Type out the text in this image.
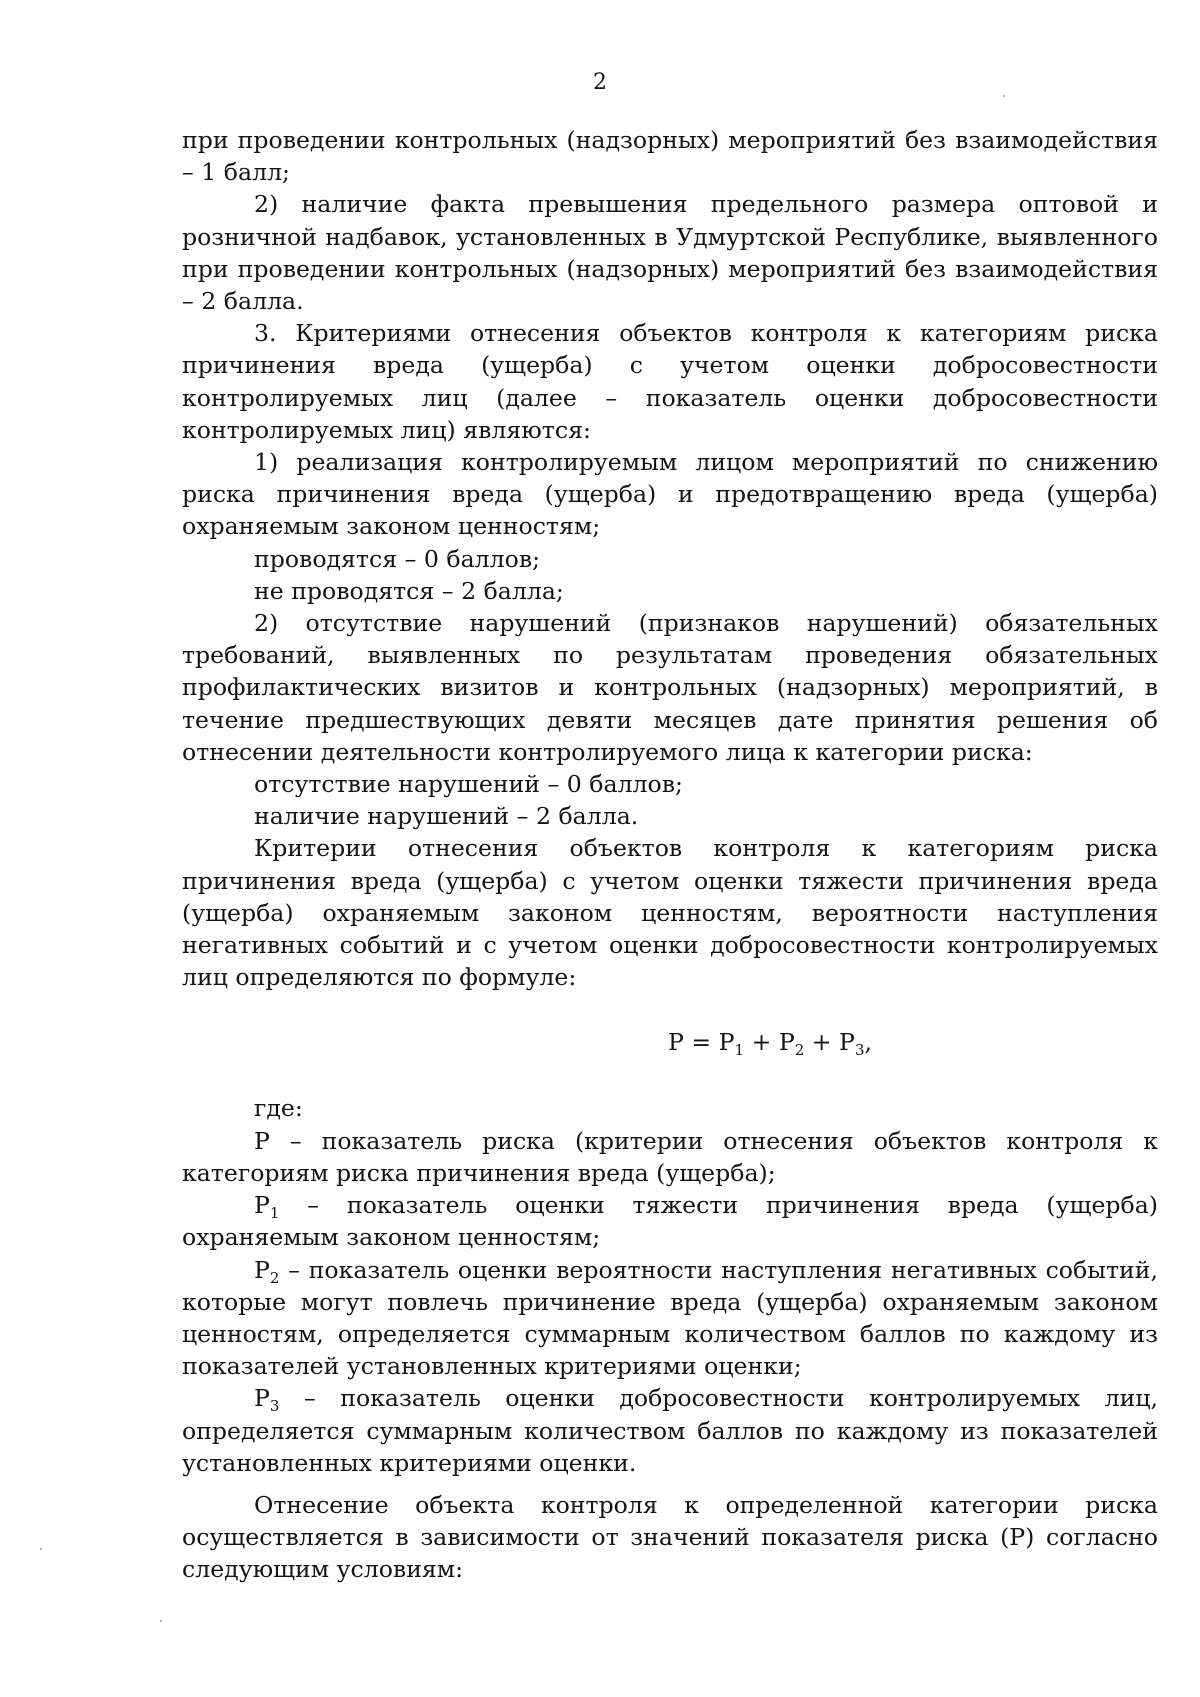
2

при проведении контрольных (надзорных) мероприятий без взаимодействия – 1 балл;

2) наличие факта превышения предельного размера оптовой и розничной надбавок, установленных в Удмуртской Республике, выявленного при проведении контрольных (надзорных) мероприятий без взаимодействия – 2 балла.

3. Критериями отнесения объектов контроля к категориям риска причинения вреда (ущерба) с учетом оценки добросовестности контролируемых лиц (далее – показатель оценки добросовестности контролируемых лиц) являются:

1) реализация контролируемым лицом мероприятий по снижению риска причинения вреда (ущерба) и предотвращению вреда (ущерба) охраняемым законом ценностям;

проводятся – 0 баллов;

не проводятся – 2 балла;

2) отсутствие нарушений (признаков нарушений) обязательных требований, выявленных по результатам проведения обязательных профилактических визитов и контрольных (надзорных) мероприятий, в течение предшествующих девяти месяцев дате принятия решения об отнесении деятельности контролируемого лица к категории риска:

отсутствие нарушений – 0 баллов;

наличие нарушений – 2 балла.

Критерии отнесения объектов контроля к категориям риска причинения вреда (ущерба) с учетом оценки тяжести причинения вреда (ущерба) охраняемым законом ценностям, вероятности наступления негативных событий и с учетом оценки добросовестности контролируемых лиц определяются по формуле:

$P = P_1 + P_2 + P_3$,

где:

P – показатель риска (критерии отнесения объектов контроля к категориям риска причинения вреда (ущерба);

$P_1$ – показатель оценки тяжести причинения вреда (ущерба) охраняемым законом ценностям;

$P_2$ – показатель оценки вероятности наступления негативных событий, которые могут повлечь причинение вреда (ущерба) охраняемым законом ценностям, определяется суммарным количеством баллов по каждому из показателей установленных критериями оценки;

$P_3$ – показатель оценки добросовестности контролируемых лиц, определяется суммарным количеством баллов по каждому из показателей установленных критериями оценки.

Отнесение объекта контроля к определенной категории риска осуществляется в зависимости от значений показателя риска (P) согласно следующим условиям:
